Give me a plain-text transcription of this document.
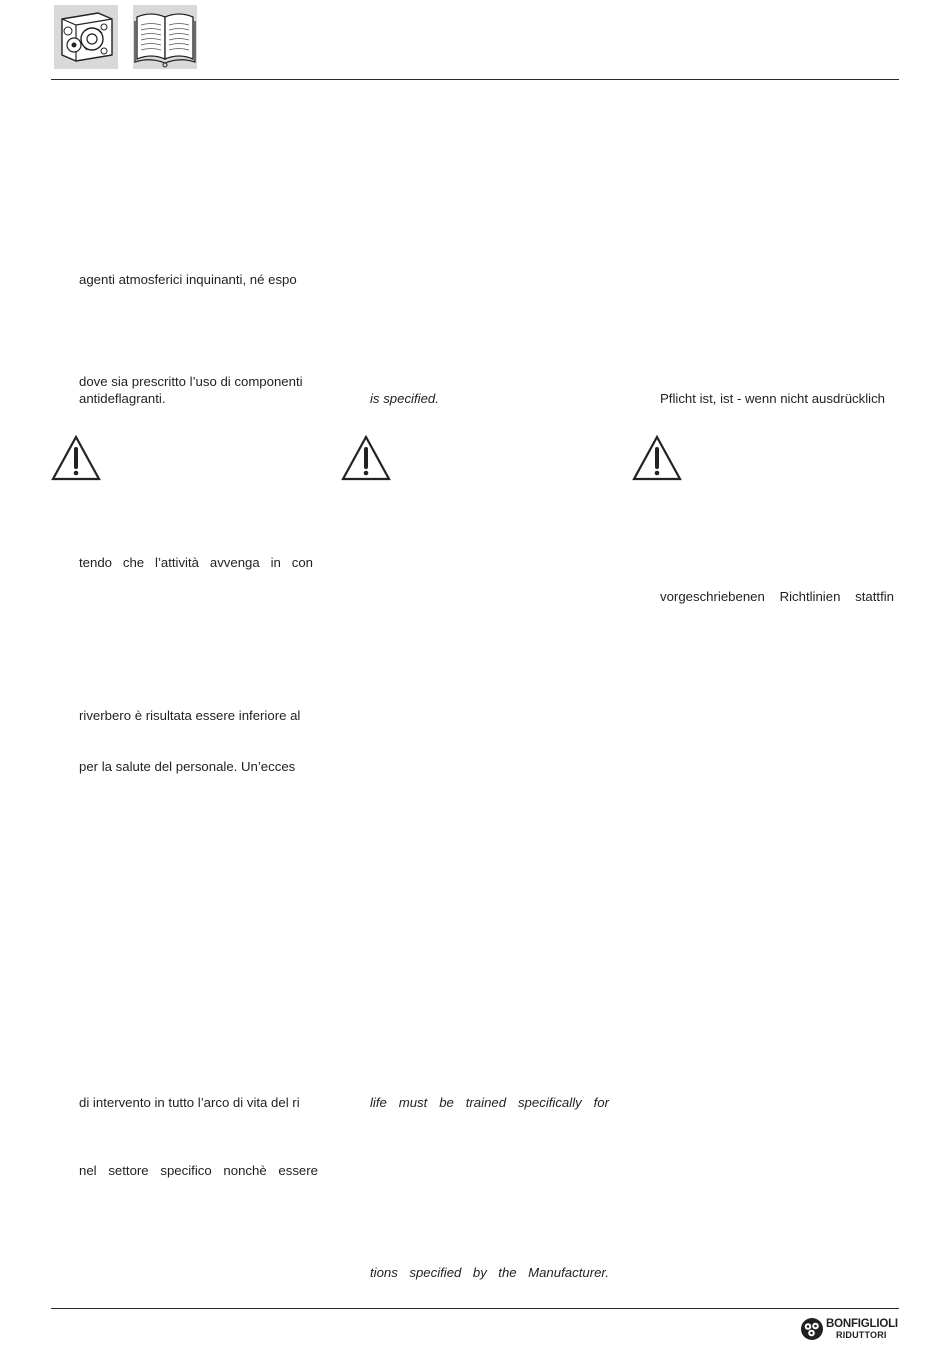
agenti atmosferici inquinanti, né espo
dove sia prescritto l’uso di componenti
antideflagranti.	is specified.	Pflicht ist, ist - wenn nicht ausdrücklich
tendo che l’attività avvenga in con
vorgeschriebenen Richtlinien stattfin
riverbero è risultata essere inferiore al
per la salute del personale. Un’ecces
di intervento in tutto l’arco di vita del ri	life must be trained specifically for
nel settore specifico nonchè essere
tions specified by the Manufacturer.
BONFIGLIOLI
RIDUTTORI
